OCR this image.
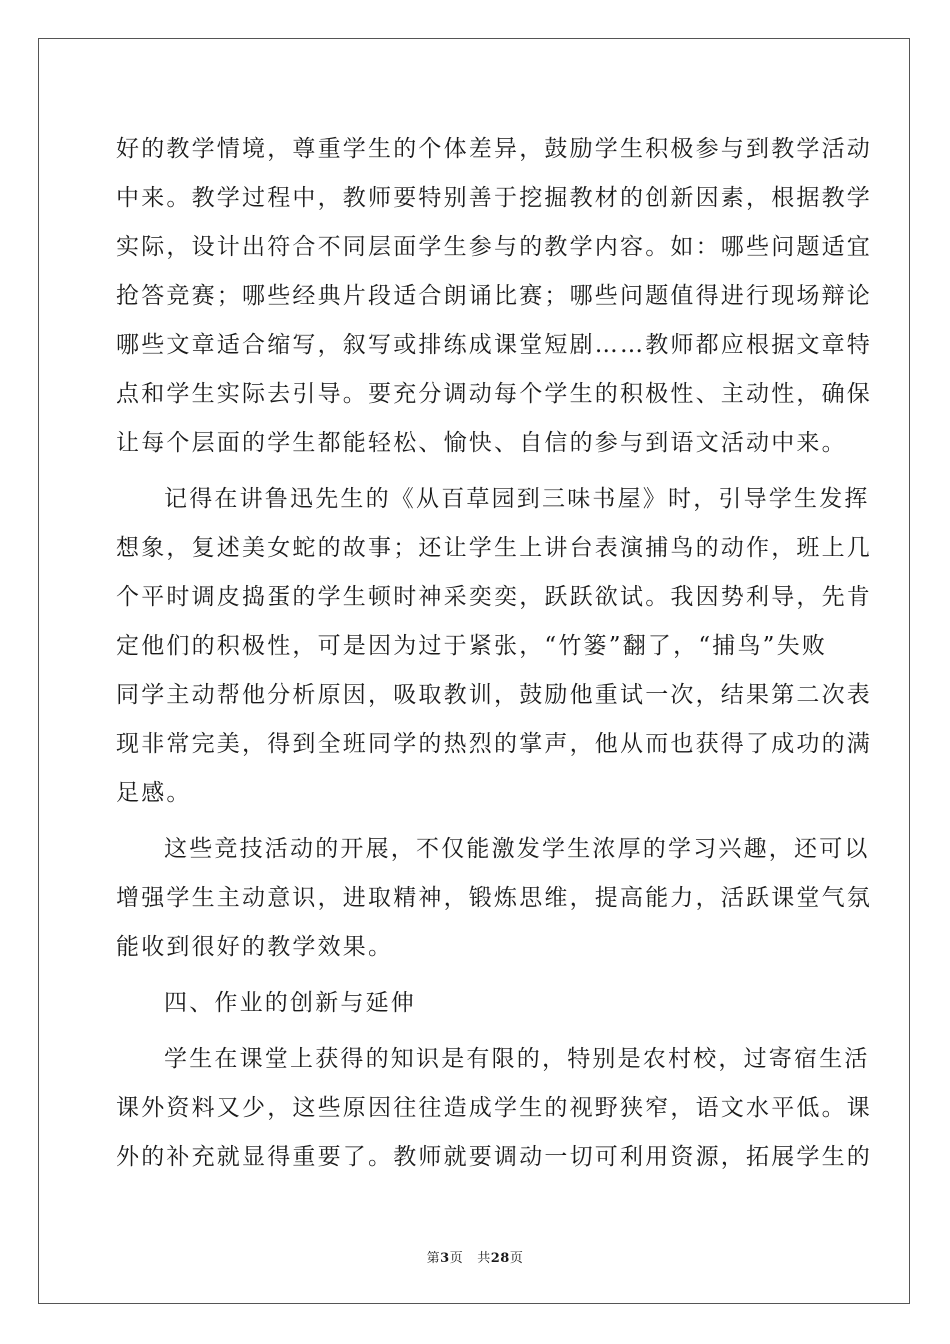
好的教学情境，尊重学生的个体差异，鼓励学生积极参与到教学活动
中来。教学过程中，教师要特别善于挖掘教材的创新因素，根据教学
实际，设计出符合不同层面学生参与的教学内容。如：哪些问题适宜
抢答竞赛；哪些经典片段适合朗诵比赛；哪些问题值得进行现场辩论
哪些文章适合缩写，叙写或排练成课堂短剧……教师都应根据文章特
点和学生实际去引导。要充分调动每个学生的积极性、主动性，确保
让每个层面的学生都能轻松、愉快、自信的参与到语文活动中来。
记得在讲鲁迅先生的《从百草园到三味书屋》时，引导学生发挥
想象，复述美女蛇的故事；还让学生上讲台表演捕鸟的动作，班上几
个平时调皮捣蛋的学生顿时神采奕奕，跃跃欲试。我因势利导，先肯
定他们的积极性，可是因为过于紧张，“竹篓”翻了，“捕鸟”失败
同学主动帮他分析原因，吸取教训，鼓励他重试一次，结果第二次表
现非常完美，得到全班同学的热烈的掌声，他从而也获得了成功的满
足感。
这些竞技活动的开展，不仅能激发学生浓厚的学习兴趣，还可以
增强学生主动意识，进取精神，锻炼思维，提高能力，活跃课堂气氛
能收到很好的教学效果。
四、作业的创新与延伸
学生在课堂上获得的知识是有限的，特别是农村校，过寄宿生活
课外资料又少，这些原因往往造成学生的视野狭窄，语文水平低。课
外的补充就显得重要了。教师就要调动一切可利用资源，拓展学生的
第3页 共28页
